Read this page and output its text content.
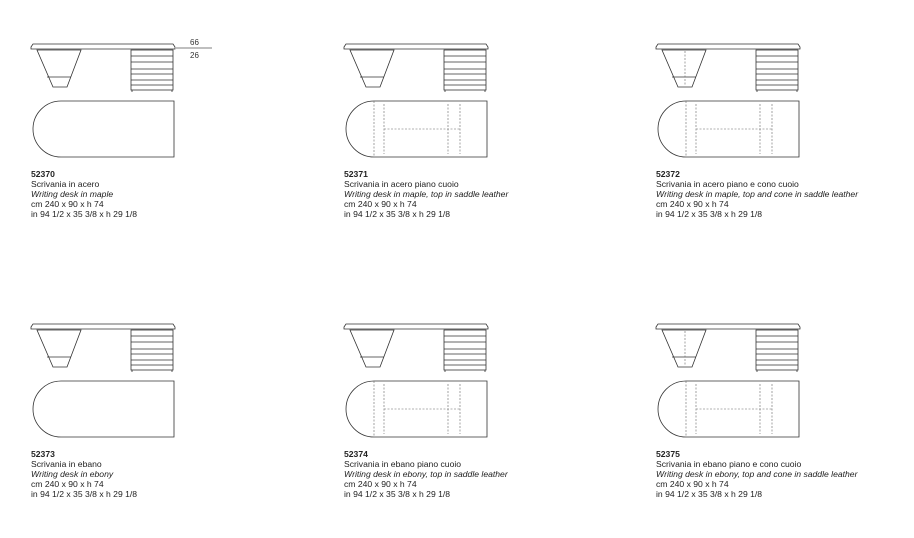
66
26
52370
Scrivania in acero
Writing desk in maple
cm 240 x 90 x h 74
in 94 1/2 x 35 3/8 x h 29 1/8
52371
Scrivania in acero piano cuoio
Writing desk in maple, top in saddle leather
cm 240 x 90 x h 74
in 94 1/2 x 35 3/8 x h 29 1/8
52372
Scrivania in acero piano e cono cuoio
Writing desk in maple, top and cone in saddle leather
cm 240 x 90 x h 74
in 94 1/2 x 35 3/8 x h 29 1/8
52373
Scrivania in ebano
Writing desk in ebony
cm 240 x 90 x h 74
in 94 1/2 x 35 3/8 x h 29 1/8
52374
Scrivania in ebano piano cuoio
Writing desk in ebony, top in saddle leather
cm 240 x 90 x h 74
in 94 1/2 x 35 3/8 x h 29 1/8
52375
Scrivania in ebano piano e cono cuoio
Writing desk in ebony, top and cone in saddle leather
cm 240 x 90 x h 74
in 94 1/2 x 35 3/8 x h 29 1/8
